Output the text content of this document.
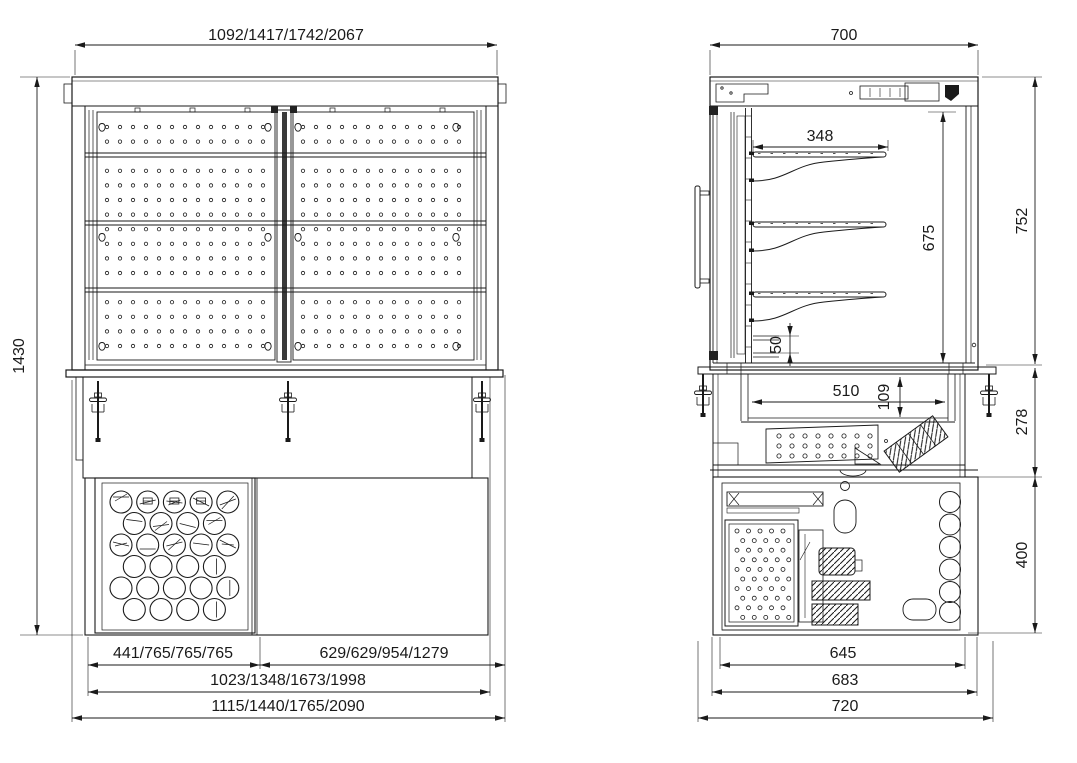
1092/1417/1742/2067
1430
441/765/765/765	629/629/954/1279
1023/1348/1673/1998
1115/1440/1765/2090
700
348
675
50
510 109
752
278
400
645
683
720
